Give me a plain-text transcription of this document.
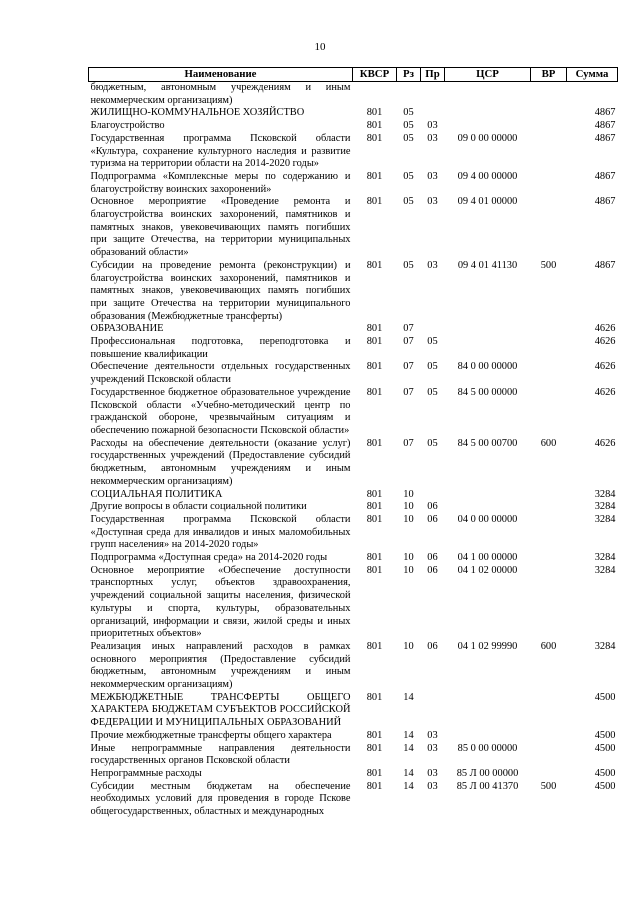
10
Наименование	КВСР	Рз	Пр	ЦСР	ВР	Сумма
бюджетным, автономным учреждениям и иным некоммерческим организациям)						
ЖИЛИЩНО-КОММУНАЛЬНОЕ ХОЗЯЙСТВО	801	05				4867
Благоустройство	801	05	03			4867
Государственная программа Псковской области «Культура, сохранение культурного наследия и развитие туризма на территории области на 2014-2020 годы»	801	05	03	09 0 00 00000		4867
Подпрограмма «Комплексные меры по содержанию и благоустройству воинских захоронений»	801	05	03	09 4 00 00000		4867
Основное мероприятие «Проведение ремонта и благоустройства воинских захоронений, памятников и памятных знаков, увековечивающих память погибших при защите Отечества, на территории муниципальных образований области»	801	05	03	09 4 01 00000		4867
Субсидии на проведение ремонта (реконструкции) и благоустройства воинских захоронений, памятников и памятных знаков, увековечивающих память погибших при защите Отечества на территории муниципального образования (Межбюджетные трансферты)	801	05	03	09 4 01 41130	500	4867
ОБРАЗОВАНИЕ	801	07				4626
Профессиональная подготовка, переподготовка и повышение квалификации	801	07	05			4626
Обеспечение деятельности отдельных государственных учреждений Псковской области	801	07	05	84 0 00 00000		4626
Государственное бюджетное образовательное учреждение Псковской области «Учебно-методический центр по гражданской обороне, чрезвычайным ситуациям и обеспечению пожарной безопасности Псковской области»	801	07	05	84 5 00 00000		4626
Расходы на обеспечение деятельности (оказание услуг) государственных учреждений (Предоставление субсидий бюджетным, автономным учреждениям и иным некоммерческим организациям)	801	07	05	84 5 00 00700	600	4626
СОЦИАЛЬНАЯ ПОЛИТИКА	801	10				3284
Другие вопросы в области социальной политики	801	10	06			3284
Государственная программа Псковской области «Доступная среда для инвалидов и иных маломобильных групп населения» на 2014-2020 годы»	801	10	06	04 0 00 00000		3284
Подпрограмма «Доступная среда» на 2014-2020 годы	801	10	06	04 1 00 00000		3284
Основное мероприятие «Обеспечение доступности транспортных услуг, объектов здравоохранения, учреждений социальной защиты населения, физической культуры и спорта, культуры, образовательных организаций, информации и связи, жилой среды и иных приоритетных объектов»	801	10	06	04 1 02 00000		3284
Реализация иных направлений расходов в рамках основного мероприятия (Предоставление субсидий бюджетным, автономным учреждениям и иным некоммерческим организациям)	801	10	06	04 1 02 99990	600	3284
МЕЖБЮДЖЕТНЫЕ ТРАНСФЕРТЫ ОБЩЕГО ХАРАКТЕРА БЮДЖЕТАМ СУБЪЕКТОВ РОССИЙСКОЙ ФЕДЕРАЦИИ И МУНИЦИПАЛЬНЫХ ОБРАЗОВАНИЙ	801	14				4500
Прочие межбюджетные трансферты общего характера	801	14	03			4500
Иные непрограммные направления деятельности государственных органов Псковской области	801	14	03	85 0 00 00000		4500
Непрограммные расходы	801	14	03	85 Л 00 00000		4500
Субсидии местным бюджетам на обеспечение необходимых условий для проведения в городе Пскове общегосударственных, областных и международных	801	14	03	85 Л 00 41370	500	4500
